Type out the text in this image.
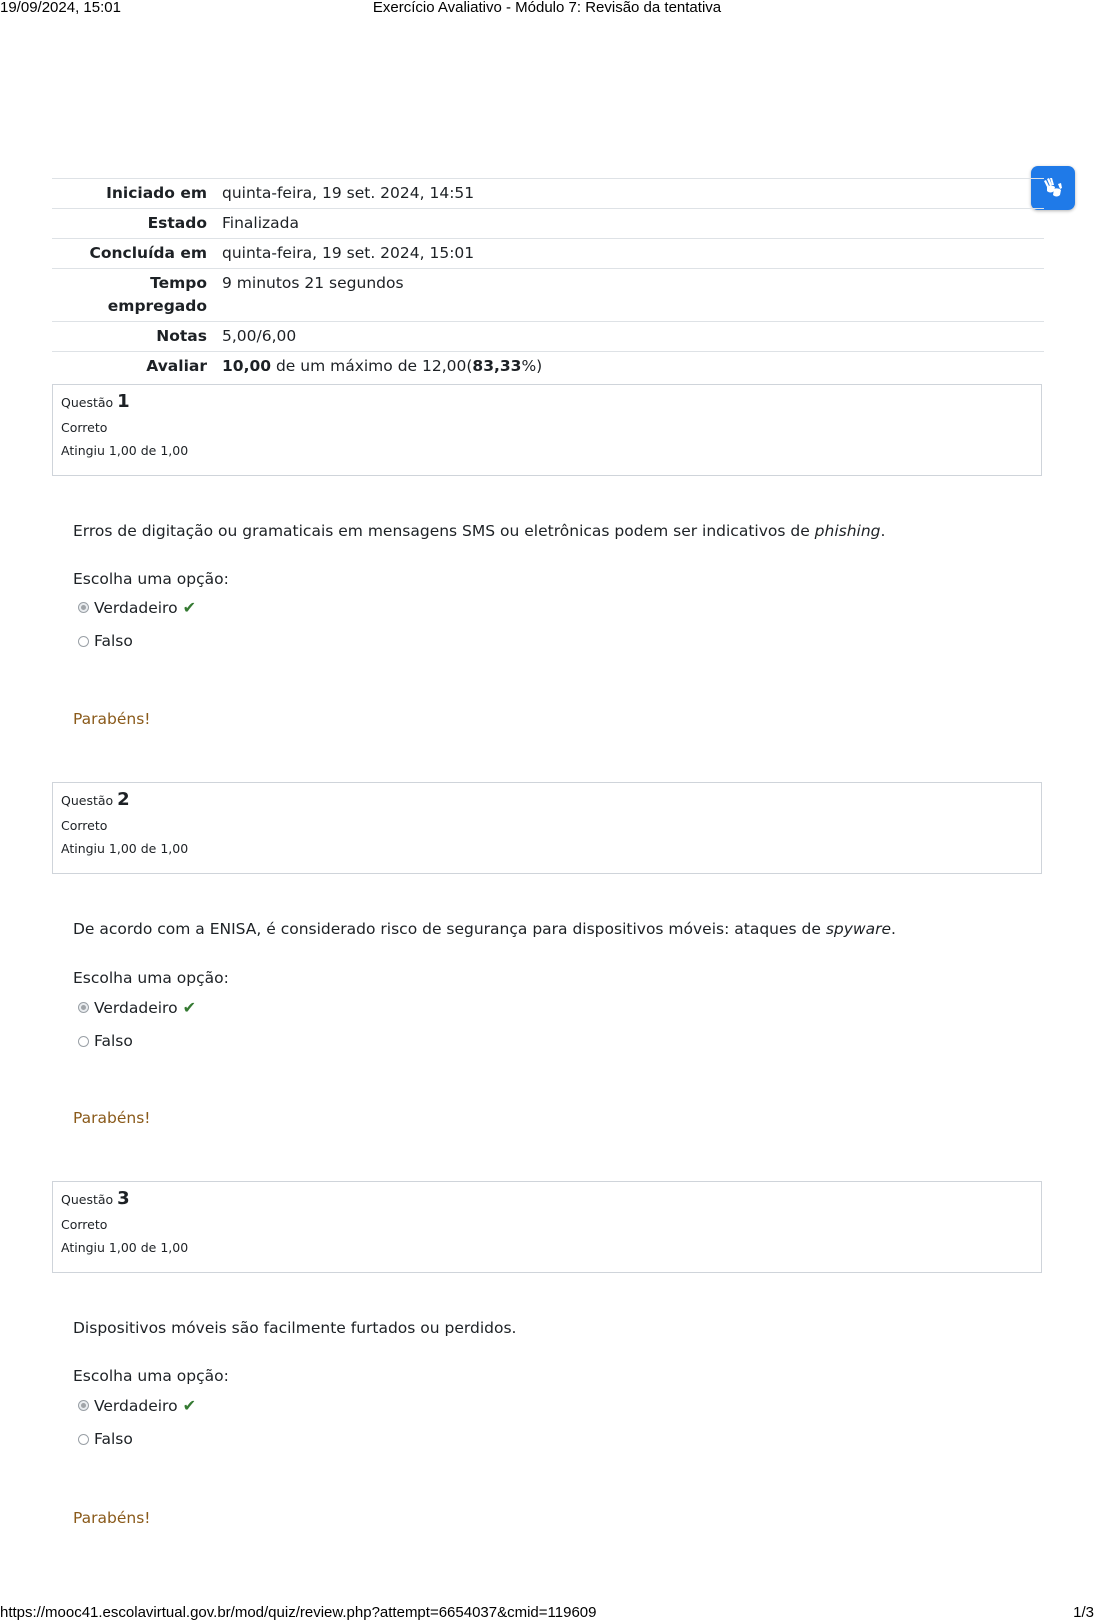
19/09/2024, 15:01	Exercício Avaliativo - Módulo 7: Revisão da tentativa
Iniciado em	quinta-feira, 19 set. 2024, 14:51
Estado	Finalizada
Concluída em	quinta-feira, 19 set. 2024, 15:01
Tempo empregado	9 minutos 21 segundos
Notas	5,00/6,00
Avaliar	10,00 de um máximo de 12,00(83,33%)
Questão 1
Correto
Atingiu 1,00 de 1,00
Erros de digitação ou gramaticais em mensagens SMS ou eletrônicas podem ser indicativos de phishing.
Escolha uma opção:
Verdadeiro ✔
Falso
Parabéns!
Questão 2
Correto
Atingiu 1,00 de 1,00
De acordo com a ENISA, é considerado risco de segurança para dispositivos móveis: ataques de spyware.
Escolha uma opção:
Verdadeiro ✔
Falso
Parabéns!
Questão 3
Correto
Atingiu 1,00 de 1,00
Dispositivos móveis são facilmente furtados ou perdidos.
Escolha uma opção:
Verdadeiro ✔
Falso
Parabéns!
https://mooc41.escolavirtual.gov.br/mod/quiz/review.php?attempt=6654037&cmid=119609	1/3
